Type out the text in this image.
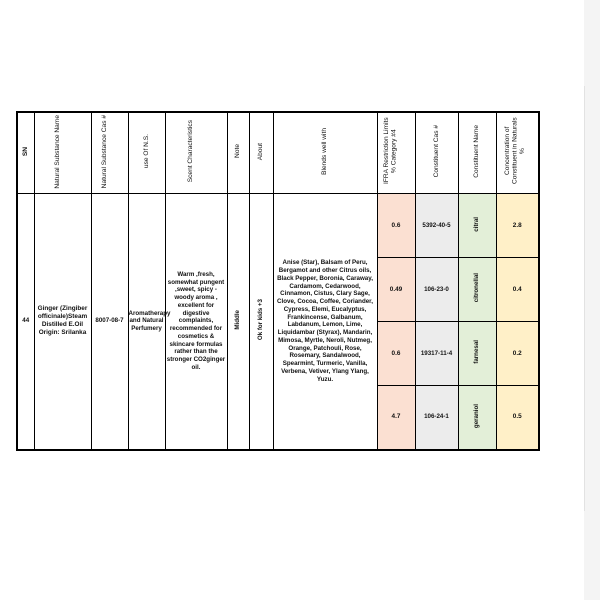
SN	Natural Substance Name	Natural Substance Cas #	use Of N.S.	Scent Characteristics	Note	About	Blends well with	IFRA Restriction Limits % Category #4	Constituent Cas #	Constituent Name	Concentration of Constituent in Naturals %
44	Ginger (Zingiber officinale)Steam Distilled E.Oil Origin: Srilanka	8007-08-7	Aromatherapy and Natural Perfumery	Warm ,fresh, somewhat pungent ,sweet, spicy -woody aroma , excellent for digestive complaints, recommended for cosmetics & skincare formulas rather than the stronger CO2ginger oil.	Middle	Ok for kids +3	Anise (Star), Balsam of Peru, Bergamot and other Citrus oils, Black Pepper, Boronia, Caraway, Cardamom, Cedarwood, Cinnamon, Cistus, Clary Sage, Clove, Cocoa, Coffee, Coriander, Cypress, Elemi, Eucalyptus, Frankincense, Galbanum, Labdanum, Lemon, Lime, Liquidambar (Styrax), Mandarin, Mimosa, Myrtle, Neroli, Nutmeg, Orange, Patchouli, Rose, Rosemary, Sandalwood, Spearmint, Turmeric, Vanilla, Verbena, Vetiver, Ylang Ylang, Yuzu.	0.6	5392-40-5	citral	2.8
								0.49	106-23-0	citronellal	0.4
								0.6	19317-11-4	farnesal	0.2
								4.7	106-24-1	geraniol	0.5
